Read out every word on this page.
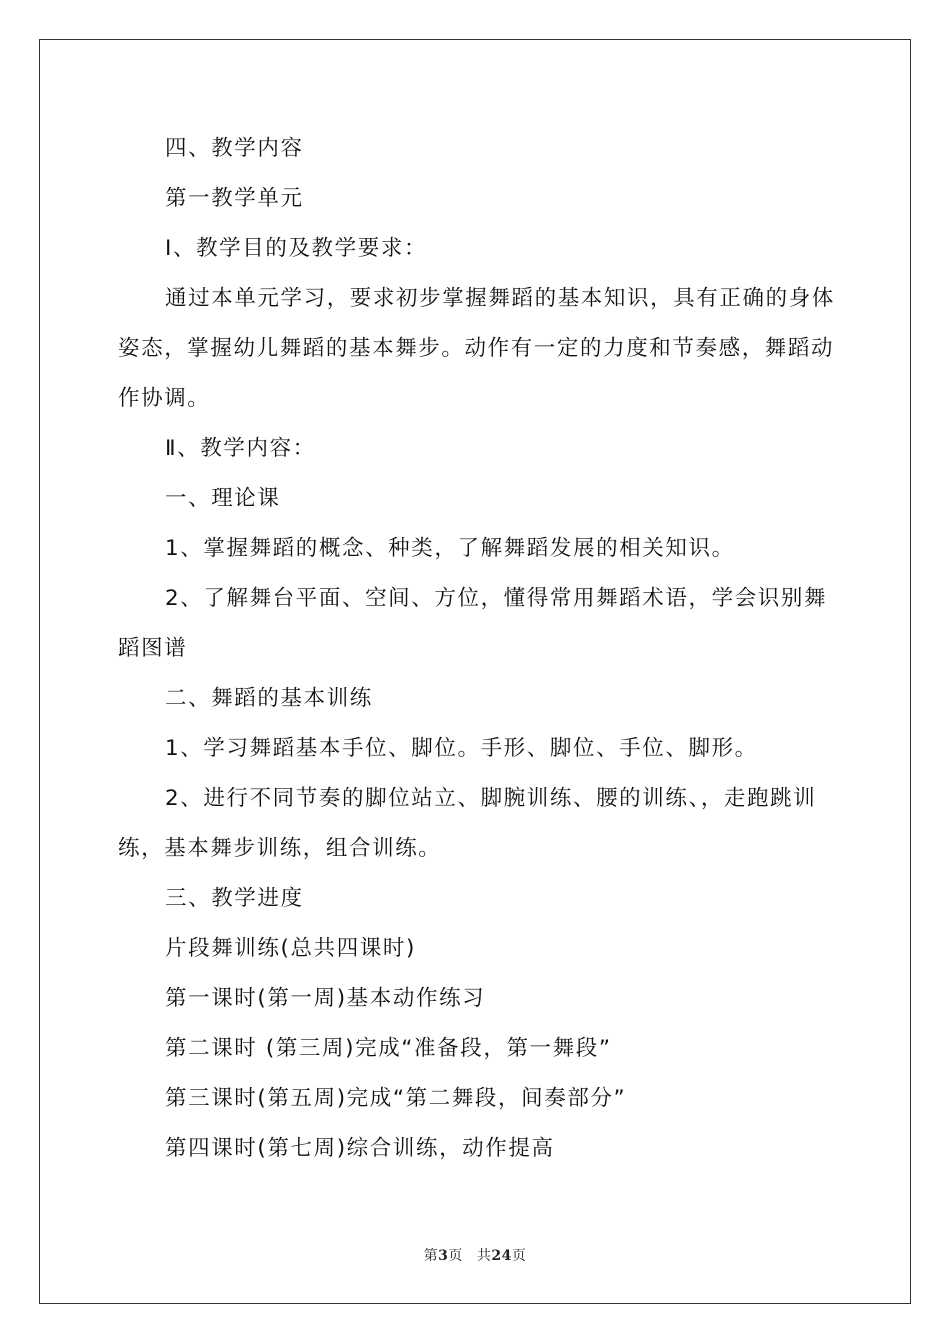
四、教学内容

第一教学单元

Ⅰ、教学目的及教学要求：

通过本单元学习，要求初步掌握舞蹈的基本知识，具有正确的身体姿态，掌握幼儿舞蹈的基本舞步。动作有一定的力度和节奏感，舞蹈动作协调。

Ⅱ、教学内容：

一、理论课

1、掌握舞蹈的概念、种类，了解舞蹈发展的相关知识。

2、了解舞台平面、空间、方位，懂得常用舞蹈术语，学会识别舞蹈图谱

二、舞蹈的基本训练

1、学习舞蹈基本手位、脚位。手形、脚位、手位、脚形。

2、进行不同节奏的脚位站立、脚腕训练、腰的训练、，走跑跳训练，基本舞步训练，组合训练。

三、教学进度

片段舞训练(总共四课时)

第一课时(第一周)基本动作练习

第二课时 (第三周)完成“准备段，第一舞段”

第三课时(第五周)完成“第二舞段，间奏部分”

第四课时(第七周)综合训练，动作提高

第3页 共24页
